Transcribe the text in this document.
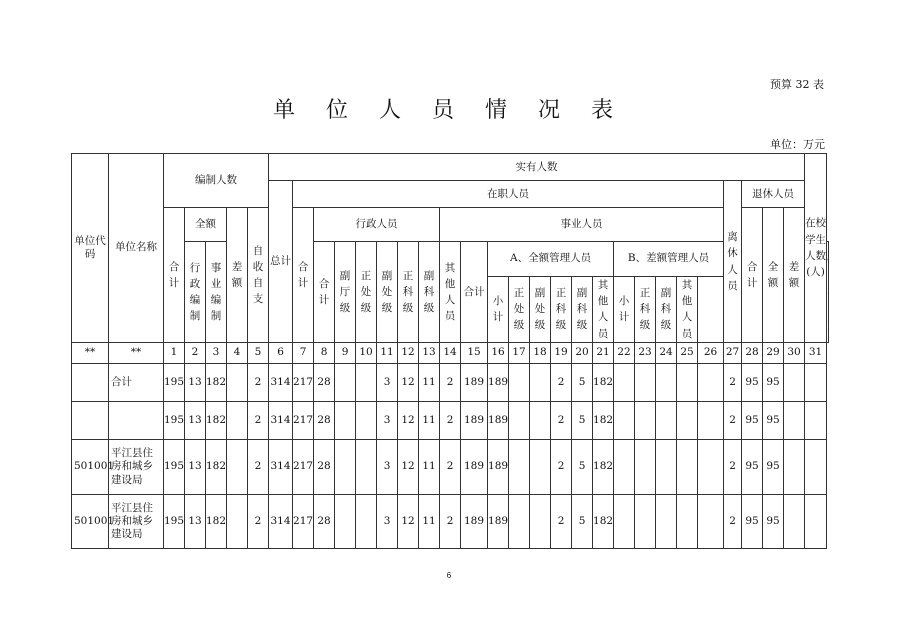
预算 32 表
单 位 人 员 情 况 表
单位：万元
单位代码	单位名称	编制人数					实有人数																									在校学生人数(人)	
							总计	在职人员																				离休人员	退休人员				
		合计	全额		差额	自收自支		合计	行政人员						事业人员														合计	全额	差额		
			行政编制	事业编制					合计	副厅级	正处级	副处级	正科级	副科级	其他人员	合计	A、全额管理人员						B、差额管理人员	
																	小计	正处级	副处级	正科级	副科级	其他人员	小计	正科级	副科级	其他人员							
**	**	1	2	3	4	5	6	7	8	9	10	11	12	13	14	15	16	17	18	19	20	21	22	23	24	25	26	27	28	29	30	31	
	合计	195	13	182		2	314	217	28			3	12	11	2	189	189			2	5	182						2	95	95			
		195	13	182		2	314	217	28			3	12	11	2	189	189			2	5	182						2	95	95			
501001	平江县住房和城乡建设局	195	13	182		2	314	217	28			3	12	11	2	189	189			2	5	182						2	95	95			
501001	平江县住房和城乡建设局	195	13	182		2	314	217	28			3	12	11	2	189	189			2	5	182						2	95	95			
6
